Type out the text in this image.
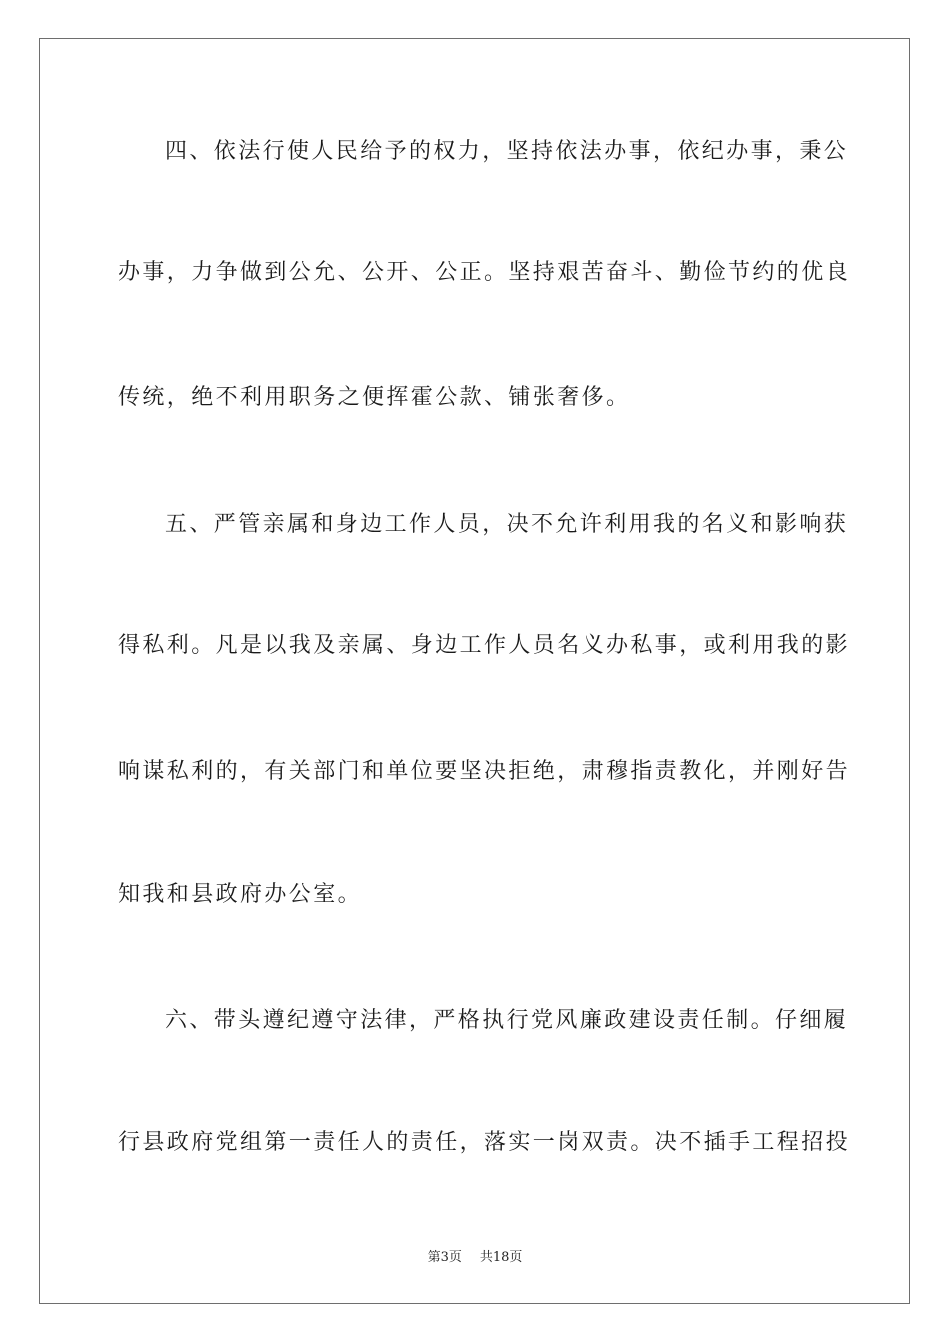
四、依法行使人民给予的权力，坚持依法办事，依纪办事，秉公
办事，力争做到公允、公开、公正。坚持艰苦奋斗、勤俭节约的优良
传统，绝不利用职务之便挥霍公款、铺张奢侈。
五、严管亲属和身边工作人员，决不允许利用我的名义和影响获
得私利。凡是以我及亲属、身边工作人员名义办私事，或利用我的影
响谋私利的，有关部门和单位要坚决拒绝，肃穆指责教化，并刚好告
知我和县政府办公室。
六、带头遵纪遵守法律，严格执行党风廉政建设责任制。仔细履
行县政府党组第一责任人的责任，落实一岗双责。决不插手工程招投
第3页 共18页
